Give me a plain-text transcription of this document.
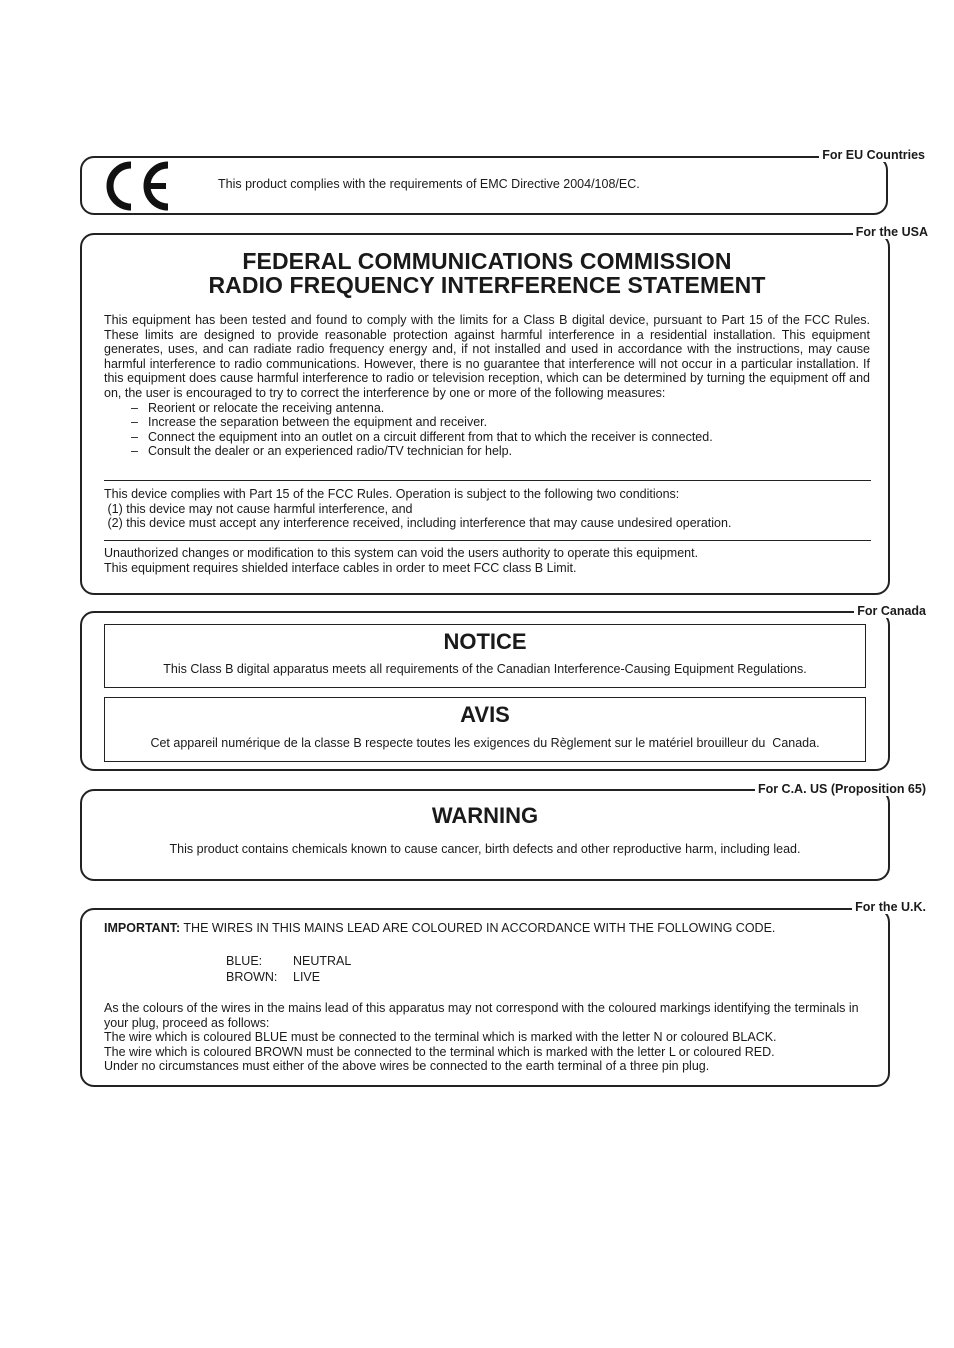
For EU Countries
This product complies with the requirements of EMC Directive 2004/108/EC.
For the USA
FEDERAL COMMUNICATIONS COMMISSION
RADIO FREQUENCY INTERFERENCE STATEMENT
This equipment has been tested and found to comply with the limits for a Class B digital device, pursuant to Part 15 of the FCC Rules. These limits are designed to provide reasonable protection against harmful interference in a residential installation. This equipment generates, uses, and can radiate radio frequency energy and, if not installed and used in accordance with the instructions, may cause harmful interference to radio communications. However, there is no guarantee that interference will not occur in a particular installation. If this equipment does cause harmful interference to radio or television reception, which can be determined by turning the equipment off and on, the user is encouraged to try to correct the interference by one or more of the following measures:
– Reorient or relocate the receiving antenna.
– Increase the separation between the equipment and receiver.
– Connect the equipment into an outlet on a circuit different from that to which the receiver is connected.
– Consult the dealer or an experienced radio/TV technician for help.
This device complies with Part 15 of the FCC Rules. Operation is subject to the following two conditions:
(1) this device may not cause harmful interference, and
(2) this device must accept any interference received, including interference that may cause undesired operation.
Unauthorized changes or modification to this system can void the users authority to operate this equipment.
This equipment requires shielded interface cables in order to meet FCC class B Limit.
For Canada
NOTICE
This Class B digital apparatus meets all requirements of the Canadian Interference-Causing Equipment Regulations.
AVIS
Cet appareil numérique de la classe B respecte toutes les exigences du Règlement sur le matériel brouilleur du  Canada.
For C.A. US (Proposition 65)
WARNING
This product contains chemicals known to cause cancer, birth defects and other reproductive harm, including lead.
For the U.K.
IMPORTANT: THE WIRES IN THIS MAINS LEAD ARE COLOURED IN ACCORDANCE WITH THE FOLLOWING CODE.
BLUE:	NEUTRAL
BROWN:	LIVE
As the colours of the wires in the mains lead of this apparatus may not correspond with the coloured markings identifying the terminals in your plug, proceed as follows:
The wire which is coloured BLUE must be connected to the terminal which is marked with the letter N or coloured BLACK.
The wire which is coloured BROWN must be connected to the terminal which is marked with the letter L or coloured RED.
Under no circumstances must either of the above wires be connected to the earth terminal of a three pin plug.
